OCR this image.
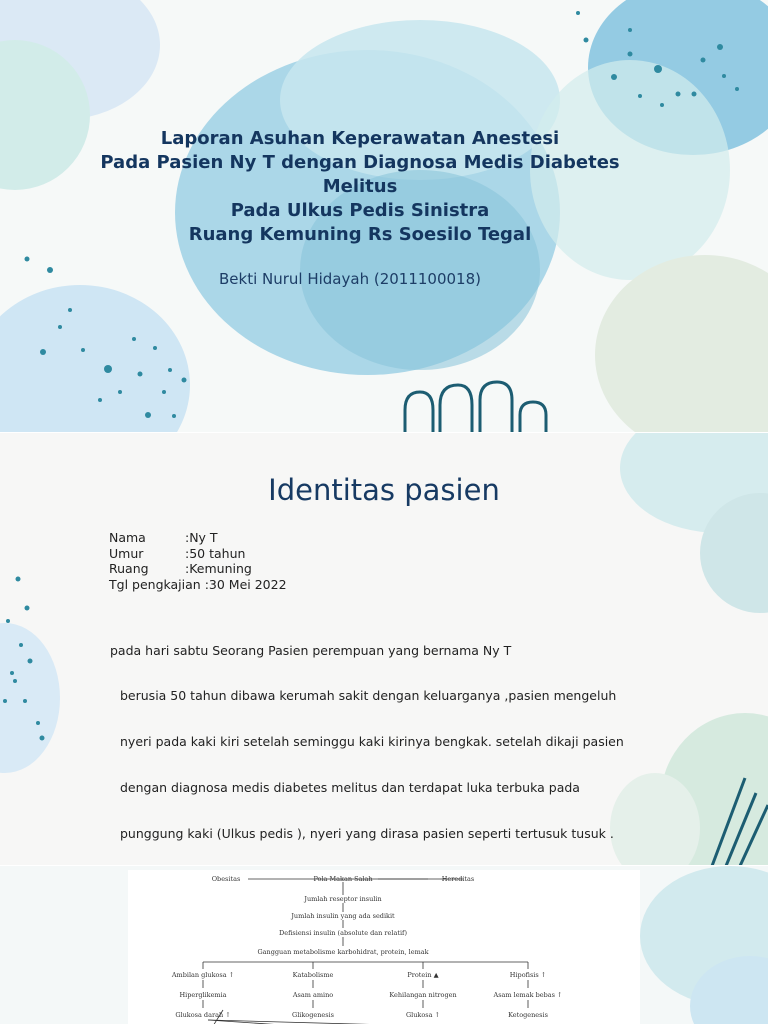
Laporan Asuhan Keperawatan Anestesi
Pada Pasien Ny T dengan Diagnosa Medis Diabetes
Melitus
Pada Ulkus Pedis Sinistra
Ruang Kemuning Rs Soesilo Tegal
Bekti Nurul Hidayah (2011100018)
Identitas pasien
Nama	:Ny T
Umur	:50 tahun
Ruang	:Kemuning
Tgl pengkajian :30 Mei 2022

pada hari sabtu Seorang Pasien perempuan yang bernama Ny T

berusia 50 tahun dibawa kerumah sakit dengan keluarganya ,pasien mengeluh

nyeri pada kaki kiri setelah seminggu kaki kirinya bengkak. setelah dikaji pasien

dengan diagnosa medis diabetes melitus dan terdapat luka terbuka pada

punggung kaki (Ulkus pedis ), nyeri yang dirasa pasien seperti tertusuk tusuk .

Obesitas	Pola Makan Salah	Hereditas
Jumlah reseptor insulin
Jumlah insulin yang ada sedikit
Defisiensi insulin (absolute dan relatif)
Gangguan metabolisme karbohidrat, protein, lemak
Ambilan glukosa ↑	Katabolisme	Protein ▲	Hipofisis ↑
Hiperglikemia	Asam amino	Kehilangan nitrogen	Asam lemak bebas ↑
Glukosa darah ↑	Glikogenesis	Glukosa ↑	Ketogenesis
